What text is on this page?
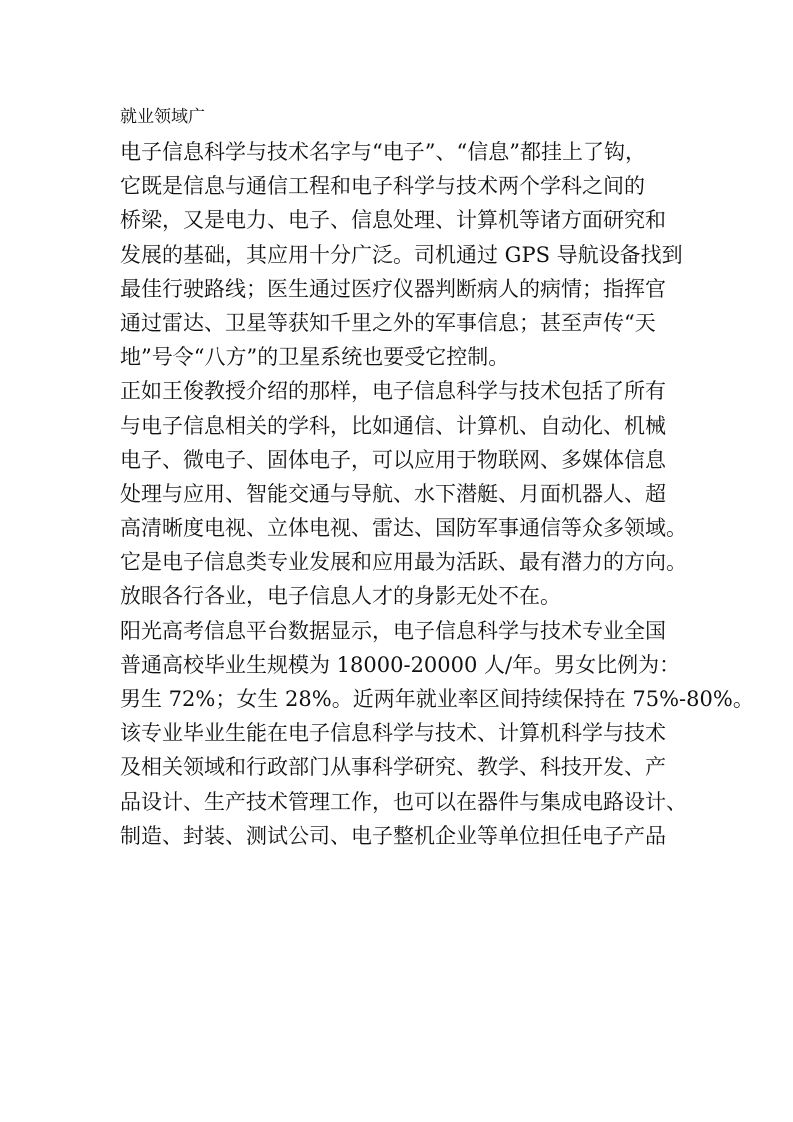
就业领域广
电子信息科学与技术名字与“电子”、“信息”都挂上了钩，
它既是信息与通信工程和电子科学与技术两个学科之间的
桥梁，又是电力、电子、信息处理、计算机等诸方面研究和
发展的基础，其应用十分广泛。司机通过 GPS 导航设备找到
最佳行驶路线；医生通过医疗仪器判断病人的病情；指挥官
通过雷达、卫星等获知千里之外的军事信息；甚至声传“天
地”号令“八方”的卫星系统也要受它控制。
正如王俊教授介绍的那样，电子信息科学与技术包括了所有
与电子信息相关的学科，比如通信、计算机、自动化、机械
电子、微电子、固体电子，可以应用于物联网、多媒体信息
处理与应用、智能交通与导航、水下潜艇、月面机器人、超
高清晰度电视、立体电视、雷达、国防军事通信等众多领域。
它是电子信息类专业发展和应用最为活跃、最有潜力的方向。
放眼各行各业，电子信息人才的身影无处不在。
阳光高考信息平台数据显示，电子信息科学与技术专业全国
普通高校毕业生规模为 18000-20000 人/年。男女比例为：
男生 72%；女生 28%。近两年就业率区间持续保持在 75%-80%。
该专业毕业生能在电子信息科学与技术、计算机科学与技术
及相关领域和行政部门从事科学研究、教学、科技开发、产
品设计、生产技术管理工作，也可以在器件与集成电路设计、
制造、封装、测试公司、电子整机企业等单位担任电子产品
